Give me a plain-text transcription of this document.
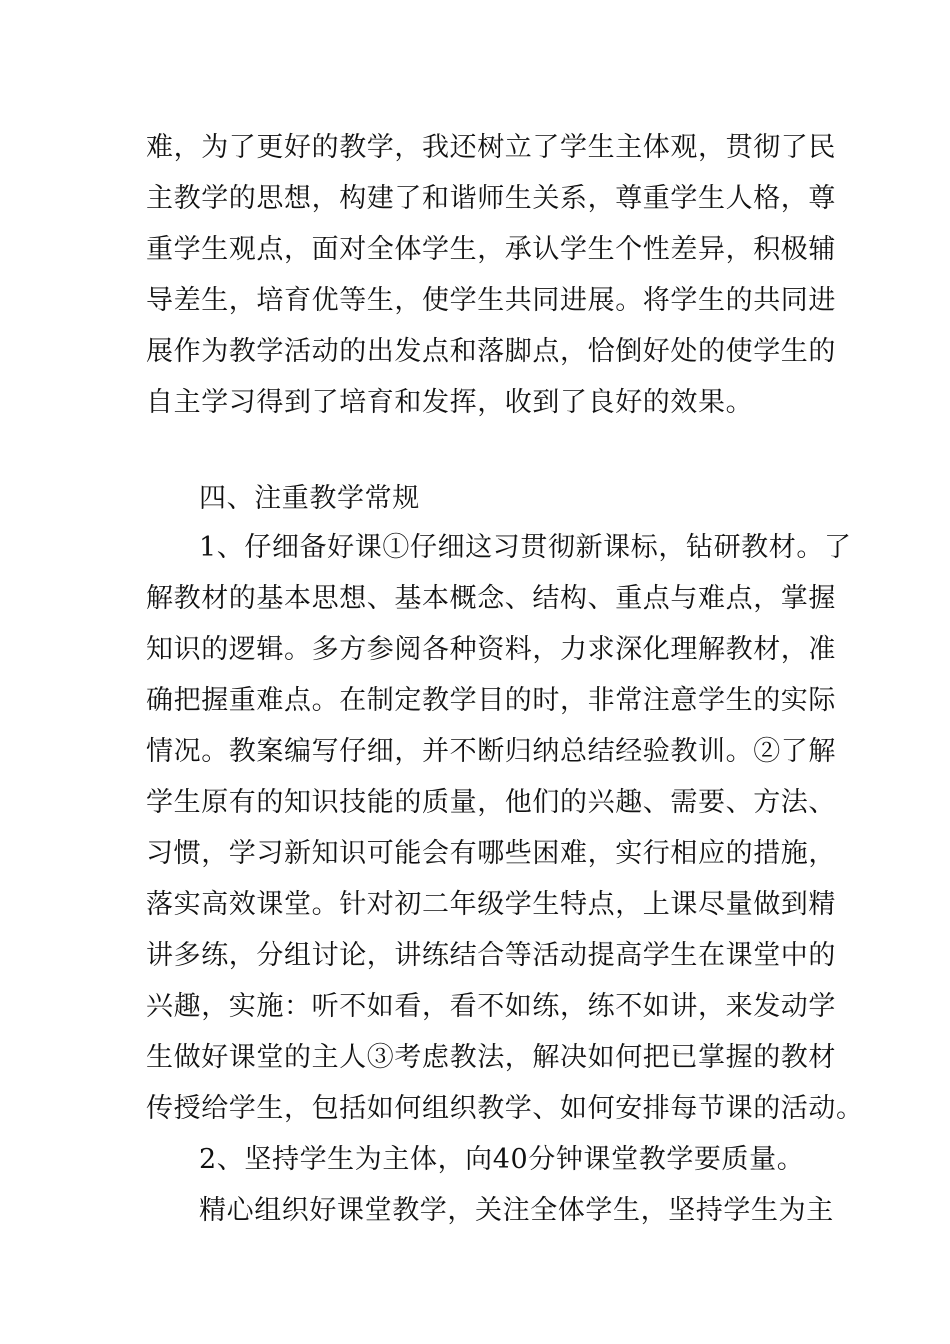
难，为了更好的教学，我还树立了学生主体观，贯彻了民
主教学的思想，构建了和谐师生关系，尊重学生人格，尊
重学生观点，面对全体学生，承认学生个性差异，积极辅
导差生，培育优等生，使学生共同进展。将学生的共同进
展作为教学活动的出发点和落脚点，恰倒好处的使学生的
自主学习得到了培育和发挥，收到了良好的效果。
四、注重教学常规
1、仔细备好课①仔细这习贯彻新课标，钻研教材。了
解教材的基本思想、基本概念、结构、重点与难点，掌握
知识的逻辑。多方参阅各种资料，力求深化理解教材，准
确把握重难点。在制定教学目的时，非常注意学生的实际
情况。教案编写仔细，并不断归纳总结经验教训。②了解
学生原有的知识技能的质量，他们的兴趣、需要、方法、
习惯，学习新知识可能会有哪些困难，实行相应的措施，
落实高效课堂。针对初二年级学生特点，上课尽量做到精
讲多练，分组讨论，讲练结合等活动提高学生在课堂中的
兴趣，实施：听不如看，看不如练，练不如讲，来发动学
生做好课堂的主人③考虑教法，解决如何把已掌握的教材
传授给学生，包括如何组织教学、如何安排每节课的活动。
2、坚持学生为主体，向40分钟课堂教学要质量。
精心组织好课堂教学，关注全体学生，坚持学生为主
